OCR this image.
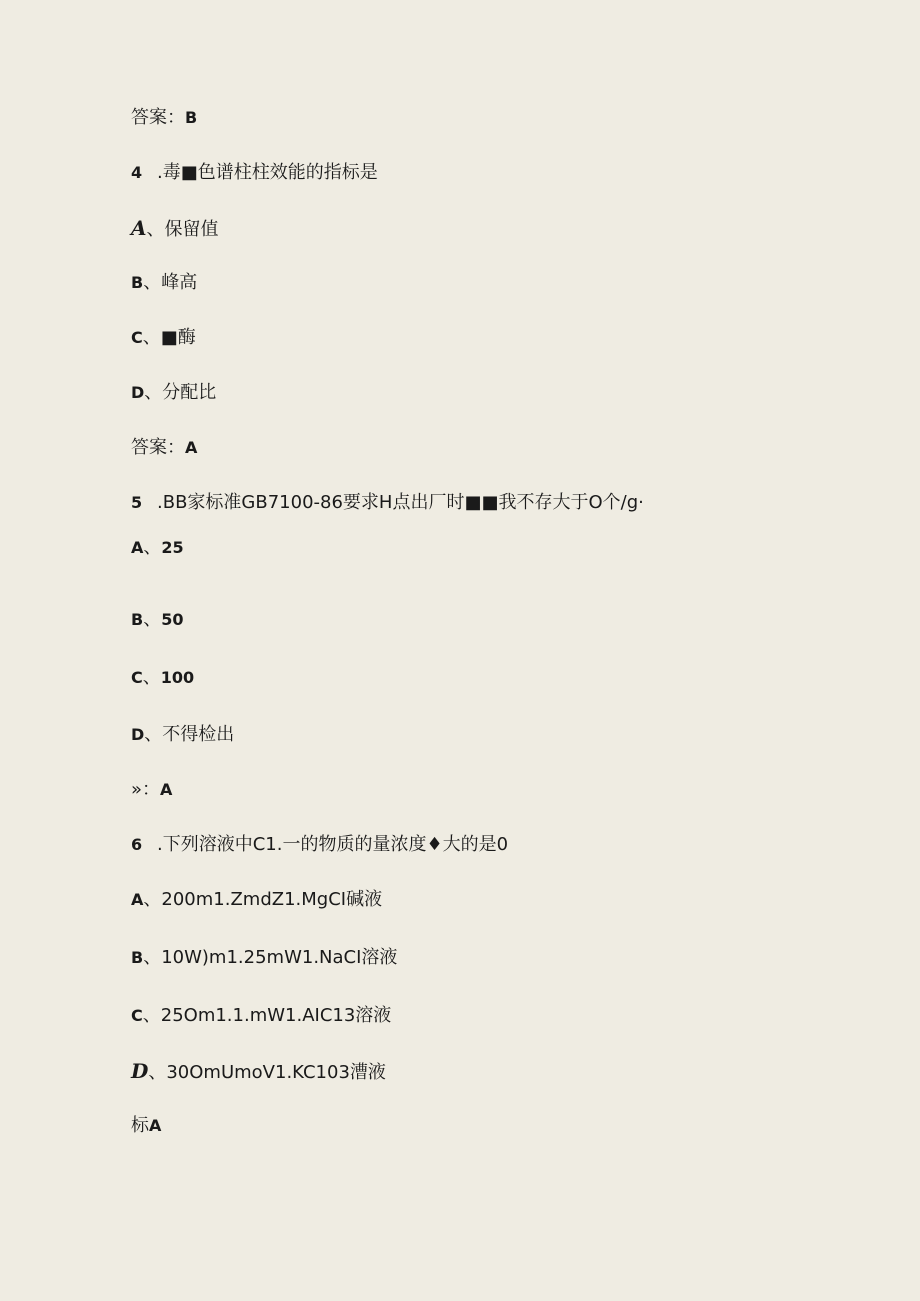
答案：B
4 .毒■色谱柱柱效能的指标是
A、保留值
B、峰高
C、■酶
D、分配比
答案：A
5 .BB家标准GB7100-86要求H点出厂时■■我不存大于O个/g·
A、25
B、50
C、100
D、不得检出
»：A
6 .下列溶液中C1.一的物质的量浓度♦大的是0
A、200m1.ZmdZ1.MgCI碱液
B、10W)m1.25mW1.NaCI溶液
C、25Om1.1.mW1.AIC13溶液
D、30OmUmoV1.KC103漕液
标A
